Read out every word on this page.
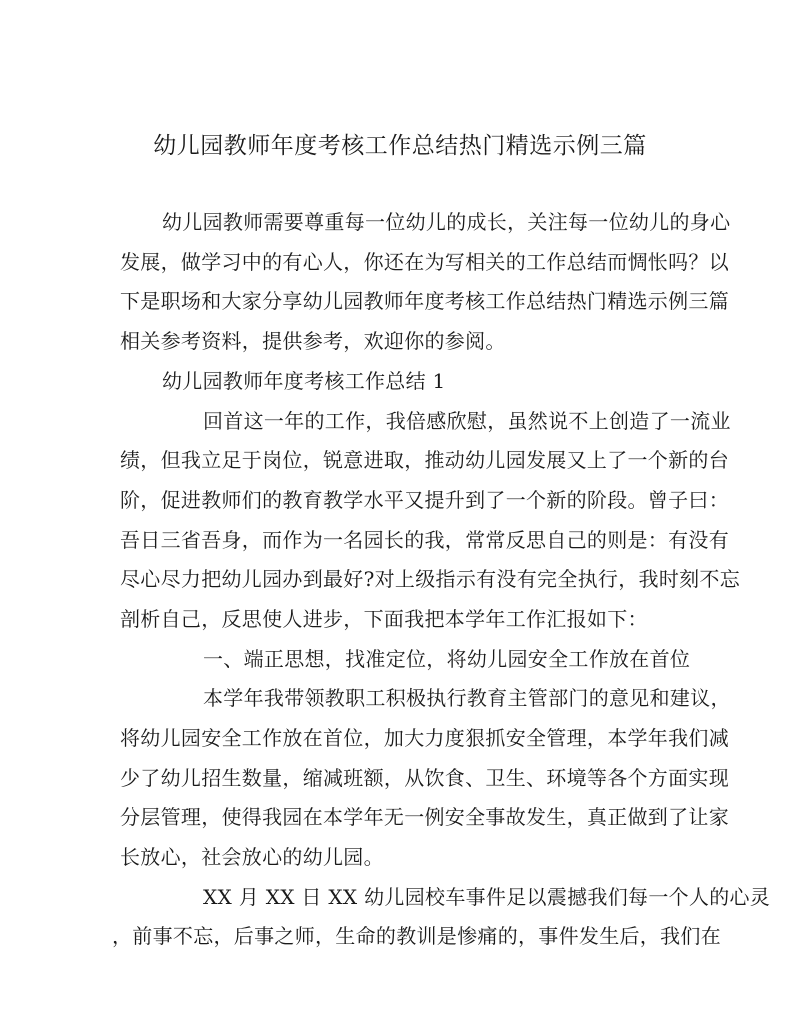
幼儿园教师年度考核工作总结热门精选示例三篇
幼儿园教师需要尊重每一位幼儿的成长，关注每一位幼儿的身心
发展，做学习中的有心人，你还在为写相关的工作总结而惆怅吗？以
下是职场和大家分享幼儿园教师年度考核工作总结热门精选示例三篇
相关参考资料，提供参考，欢迎你的参阅。
幼儿园教师年度考核工作总结 1
回首这一年的工作，我倍感欣慰，虽然说不上创造了一流业
绩，但我立足于岗位，锐意进取，推动幼儿园发展又上了一个新的台
阶，促进教师们的教育教学水平又提升到了一个新的阶段。曾子曰：
吾日三省吾身，而作为一名园长的我，常常反思自己的则是：有没有
尽心尽力把幼儿园办到最好?对上级指示有没有完全执行，我时刻不忘
剖析自己，反思使人进步，下面我把本学年工作汇报如下：
一、端正思想，找准定位，将幼儿园安全工作放在首位
本学年我带领教职工积极执行教育主管部门的意见和建议，
将幼儿园安全工作放在首位，加大力度狠抓安全管理，本学年我们减
少了幼儿招生数量，缩减班额，从饮食、卫生、环境等各个方面实现
分层管理，使得我园在本学年无一例安全事故发生，真正做到了让家
长放心，社会放心的幼儿园。
XX 月 XX 日 XX 幼儿园校车事件足以震撼我们每一个人的心灵
，前事不忘，后事之师，生命的教训是惨痛的，事件发生后，我们在
